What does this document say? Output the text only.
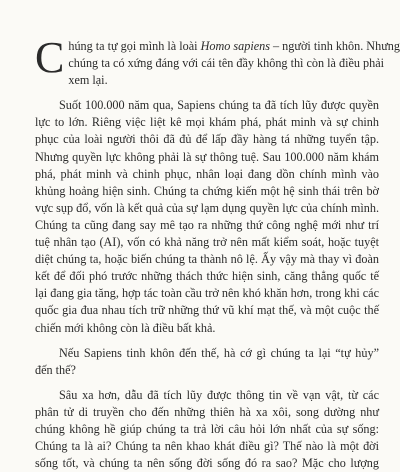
C húng ta tự gọi mình là loài Homo sapiens – người tinh khôn. Nhưng
chúng ta có xứng đáng với cái tên đầy không thì còn là điều phải
xem lại.
Suốt 100.000 năm qua, Sapiens chúng ta đã tích lũy được quyền
lực to lớn. Riêng việc liệt kê mọi khám phá, phát minh và sự chinh
phục của loài người thôi đã đủ để lấp đầy hàng tá những tuyển tập.
Nhưng quyền lực không phải là sự thông tuệ. Sau 100.000 năm khám
phá, phát minh và chinh phục, nhân loại đang dồn chính mình vào
khủng hoảng hiện sinh. Chúng ta chứng kiến một hệ sinh thái trên bờ
vực sụp đổ, vốn là kết quả của sự lạm dụng quyền lực của chính mình.
Chúng ta cũng đang say mê tạo ra những thứ công nghệ mới như trí
tuệ nhân tạo (AI), vốn có khả năng trở nên mất kiểm soát, hoặc tuyệt
diệt chúng ta, hoặc biến chúng ta thành nô lệ. Ấy vậy mà thay vì đoàn
kết để đối phó trước những thách thức hiện sinh, căng thẳng quốc tế
lại đang gia tăng, hợp tác toàn cầu trở nên khó khăn hơn, trong khi các
quốc gia đua nhau tích trữ những thứ vũ khí mạt thế, và một cuộc thế
chiến mới không còn là điều bất khả.
Nếu Sapiens tinh khôn đến thế, hà cớ gì chúng ta lại “tự hủy”
đến thế?
Sâu xa hơn, dẫu đã tích lũy được thông tin về vạn vật, từ các
phân tử di truyền cho đến những thiên hà xa xôi, song dường như
chúng không hề giúp chúng ta trả lời câu hỏi lớn nhất của sự sống:
Chúng ta là ai? Chúng ta nên khao khát điều gì? Thế nào là một đời
sống tốt, và chúng ta nên sống đời sống đó ra sao? Mặc cho lượng
